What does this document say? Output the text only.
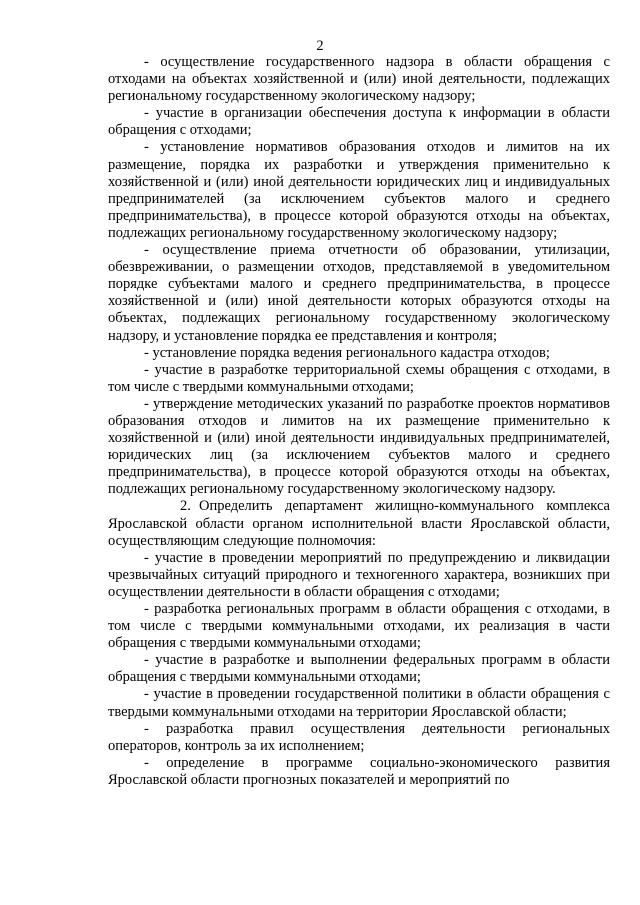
2

- осуществление государственного надзора в области обращения с отходами на объектах хозяйственной и (или) иной деятельности, подлежащих региональному государственному экологическому надзору;

- участие в организации обеспечения доступа к информации в области обращения с отходами;

- установление нормативов образования отходов и лимитов на их размещение, порядка их разработки и утверждения применительно к хозяйственной и (или) иной деятельности юридических лиц и индивидуальных предпринимателей (за исключением субъектов малого и среднего предпринимательства), в процессе которой образуются отходы на объектах, подлежащих региональному государственному экологическому надзору;

- осуществление приема отчетности об образовании, утилизации, обезвреживании, о размещении отходов, представляемой в уведомительном порядке субъектами малого и среднего предпринимательства, в процессе хозяйственной и (или) иной деятельности которых образуются отходы на объектах, подлежащих региональному государственному экологическому надзору, и установление порядка ее представления и контроля;

- установление порядка ведения регионального кадастра отходов;

- участие в разработке территориальной схемы обращения с отходами, в том числе с твердыми коммунальными отходами;

- утверждение методических указаний по разработке проектов нормативов образования отходов и лимитов на их размещение применительно к хозяйственной и (или) иной деятельности индивидуальных предпринимателей, юридических лиц (за исключением субъектов малого и среднего предпринимательства), в процессе которой образуются отходы на объектах, подлежащих региональному государственному экологическому надзору.

2. Определить департамент жилищно-коммунального комплекса Ярославской области органом исполнительной власти Ярославской области, осуществляющим следующие полномочия:

- участие в проведении мероприятий по предупреждению и ликвидации чрезвычайных ситуаций природного и техногенного характера, возникших при осуществлении деятельности в области обращения с отходами;

- разработка региональных программ в области обращения с отходами, в том числе с твердыми коммунальными отходами, их реализация в части обращения с твердыми коммунальными отходами;

- участие в разработке и выполнении федеральных программ в области обращения с твердыми коммунальными отходами;

- участие в проведении государственной политики в области обращения с твердыми коммунальными отходами на территории Ярославской области;

- разработка правил осуществления деятельности региональных операторов, контроль за их исполнением;

- определение в программе социально-экономического развития Ярославской области прогнозных показателей и мероприятий по
